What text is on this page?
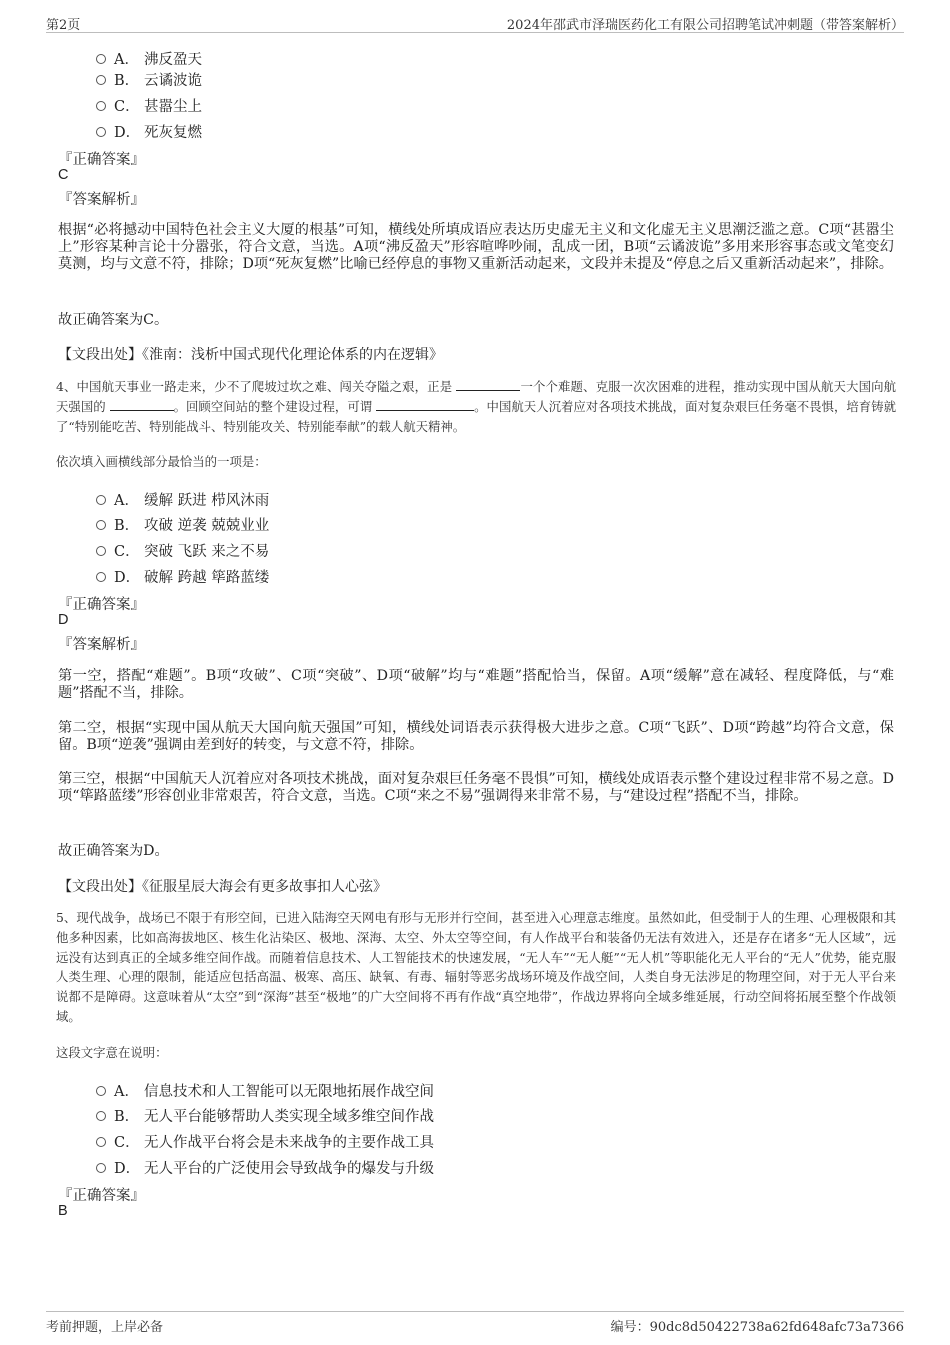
第2页	2024年邵武市泽瑞医药化工有限公司招聘笔试冲刺题（带答案解析）
A． 沸反盈天
B． 云谲波诡
C． 甚嚣尘上
D． 死灰复燃
『正确答案』
C
『答案解析』
根据“必将撼动中国特色社会主义大厦的根基”可知，横线处所填成语应表达历史虚无主义和文化虚无主义思潮泛滥之意。C项“甚嚣尘上”形容某种言论十分嚣张，符合文意，当选。A项“沸反盈天”形容喧哗吵闹，乱成一团，B项“云谲波诡”多用来形容事态或文笔变幻莫测，均与文意不符，排除；D项“死灰复燃”比喻已经停息的事物又重新活动起来，文段并未提及“停息之后又重新活动起来”，排除。
故正确答案为C。
【文段出处】《淮南：浅析中国式现代化理论体系的内在逻辑》
4、中国航天事业一路走来，少不了爬坡过坎之难、闯关夺隘之艰，正是	一个个难题、克服一次次困难的进程，推动实现中国从航天大国向航天强国的	。回顾空间站的整个建设过程，可谓	。中国航天人沉着应对各项技术挑战，面对复杂艰巨任务毫不畏惧，培育铸就了“特别能吃苦、特别能战斗、特别能攻关、特别能奉献”的载人航天精神。
依次填入画横线部分最恰当的一项是：
A． 缓解 跃进 栉风沐雨
B． 攻破 逆袭 兢兢业业
C． 突破 飞跃 来之不易
D． 破解 跨越 筚路蓝缕
『正确答案』
D
『答案解析』
第一空，搭配“难题”。B项“攻破”、C项“突破”、D项“破解”均与“难题”搭配恰当，保留。A项“缓解”意在减轻、程度降低，与“难题”搭配不当，排除。
第二空，根据“实现中国从航天大国向航天强国”可知，横线处词语表示获得极大进步之意。C项“飞跃”、D项“跨越”均符合文意，保留。B项“逆袭”强调由差到好的转变，与文意不符，排除。
第三空，根据“中国航天人沉着应对各项技术挑战，面对复杂艰巨任务毫不畏惧”可知，横线处成语表示整个建设过程非常不易之意。D项“筚路蓝缕”形容创业非常艰苦，符合文意，当选。C项“来之不易”强调得来非常不易，与“建设过程”搭配不当，排除。
故正确答案为D。
【文段出处】《征服星辰大海会有更多故事扣人心弦》
5、现代战争，战场已不限于有形空间，已进入陆海空天网电有形与无形并行空间，甚至进入心理意志维度。虽然如此，但受制于人的生理、心理极限和其他多种因素，比如高海拔地区、核生化沾染区、极地、深海、太空、外太空等空间，有人作战平台和装备仍无法有效进入，还是存在诸多“无人区域”，远远没有达到真正的全域多维空间作战。而随着信息技术、人工智能技术的快速发展，“无人车”“无人艇”“无人机”等职能化无人平台的“无人”优势，能克服人类生理、心理的限制，能适应包括高温、极寒、高压、缺氧、有毒、辐射等恶劣战场环境及作战空间，人类自身无法涉足的物理空间，对于无人平台来说都不是障碍。这意味着从“太空”到“深海”甚至“极地”的广大空间将不再有作战“真空地带”，作战边界将向全域多维延展，行动空间将拓展至整个作战领域。
这段文字意在说明：
A． 信息技术和人工智能可以无限地拓展作战空间
B． 无人平台能够帮助人类实现全域多维空间作战
C． 无人作战平台将会是未来战争的主要作战工具
D． 无人平台的广泛使用会导致战争的爆发与升级
『正确答案』
B
考前押题，上岸必备	编号：90dc8d50422738a62fd648afc73a7366
